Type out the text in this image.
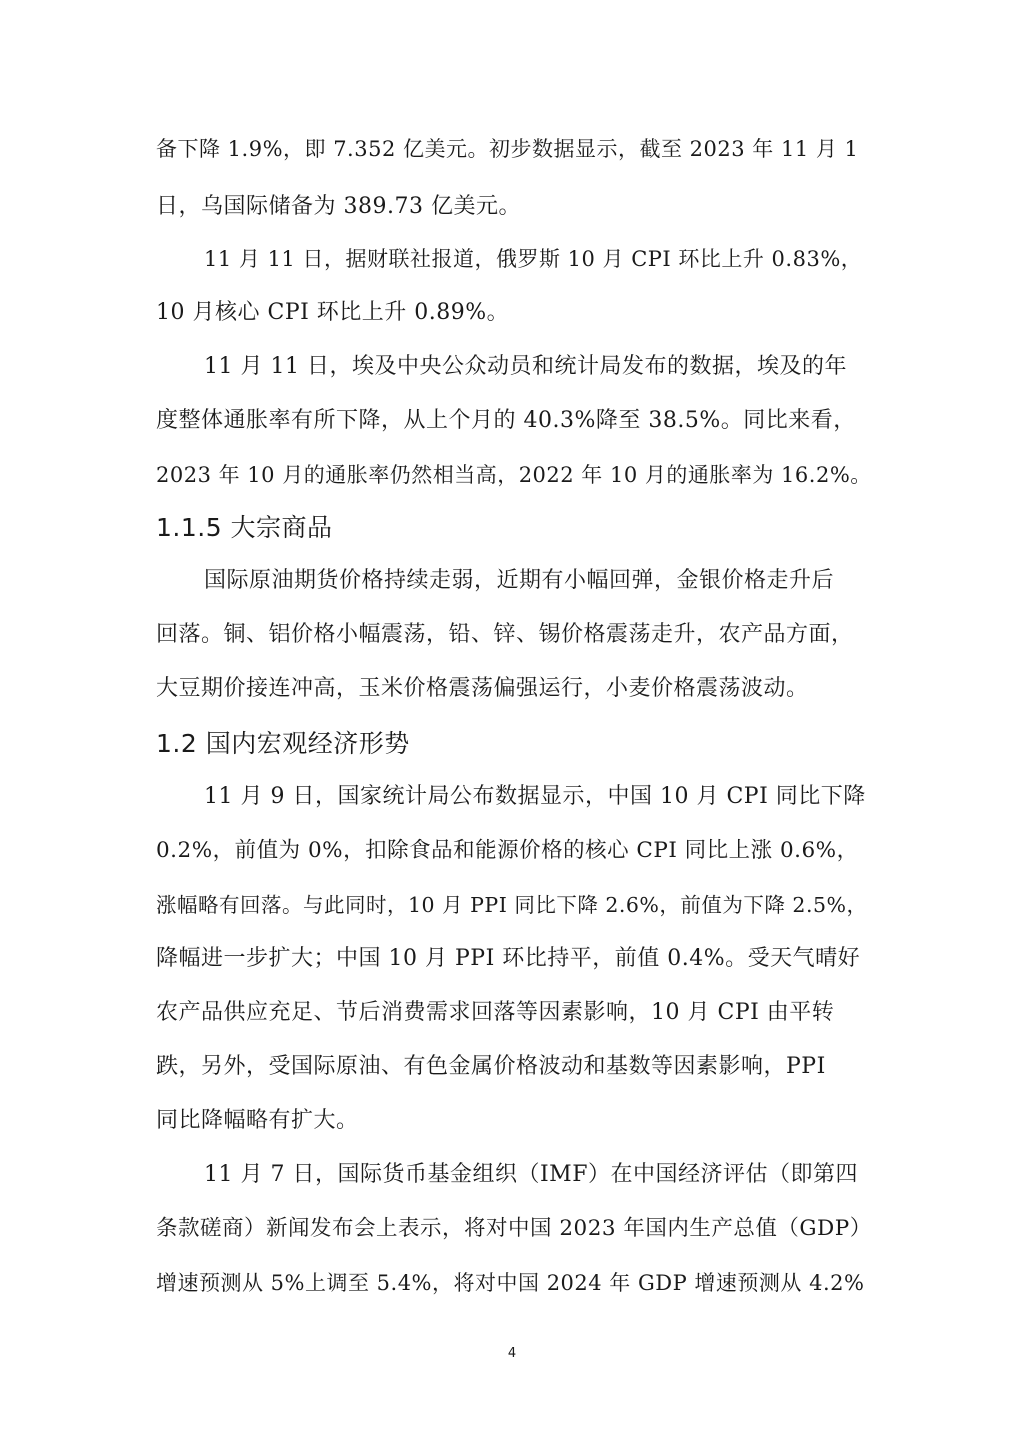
备下降 1.9%，即 7.352 亿美元。初步数据显示，截至 2023 年 11 月 1
日，乌国际储备为 389.73 亿美元。
11 月 11 日，据财联社报道，俄罗斯 10 月 CPI 环比上升 0.83%，
10 月核心 CPI 环比上升 0.89%。
11 月 11 日，埃及中央公众动员和统计局发布的数据，埃及的年
度整体通胀率有所下降，从上个月的 40.3%降至 38.5%。同比来看，
2023 年 10 月的通胀率仍然相当高，2022 年 10 月的通胀率为 16.2%。
1.1.5 大宗商品
国际原油期货价格持续走弱，近期有小幅回弹，金银价格走升后
回落。铜、铝价格小幅震荡，铅、锌、锡价格震荡走升，农产品方面，
大豆期价接连冲高，玉米价格震荡偏强运行，小麦价格震荡波动。
1.2 国内宏观经济形势
11 月 9 日，国家统计局公布数据显示，中国 10 月 CPI 同比下降
0.2%，前值为 0%，扣除食品和能源价格的核心 CPI 同比上涨 0.6%，
涨幅略有回落。与此同时，10 月 PPI 同比下降 2.6%，前值为下降 2.5%，
降幅进一步扩大；中国 10 月 PPI 环比持平，前值 0.4%。受天气晴好
农产品供应充足、节后消费需求回落等因素影响，10 月 CPI 由平转
跌，另外，受国际原油、有色金属价格波动和基数等因素影响，PPI
同比降幅略有扩大。
11 月 7 日，国际货币基金组织（IMF）在中国经济评估（即第四
条款磋商）新闻发布会上表示，将对中国 2023 年国内生产总值（GDP）
增速预测从 5%上调至 5.4%，将对中国 2024 年 GDP 增速预测从 4.2%
4
